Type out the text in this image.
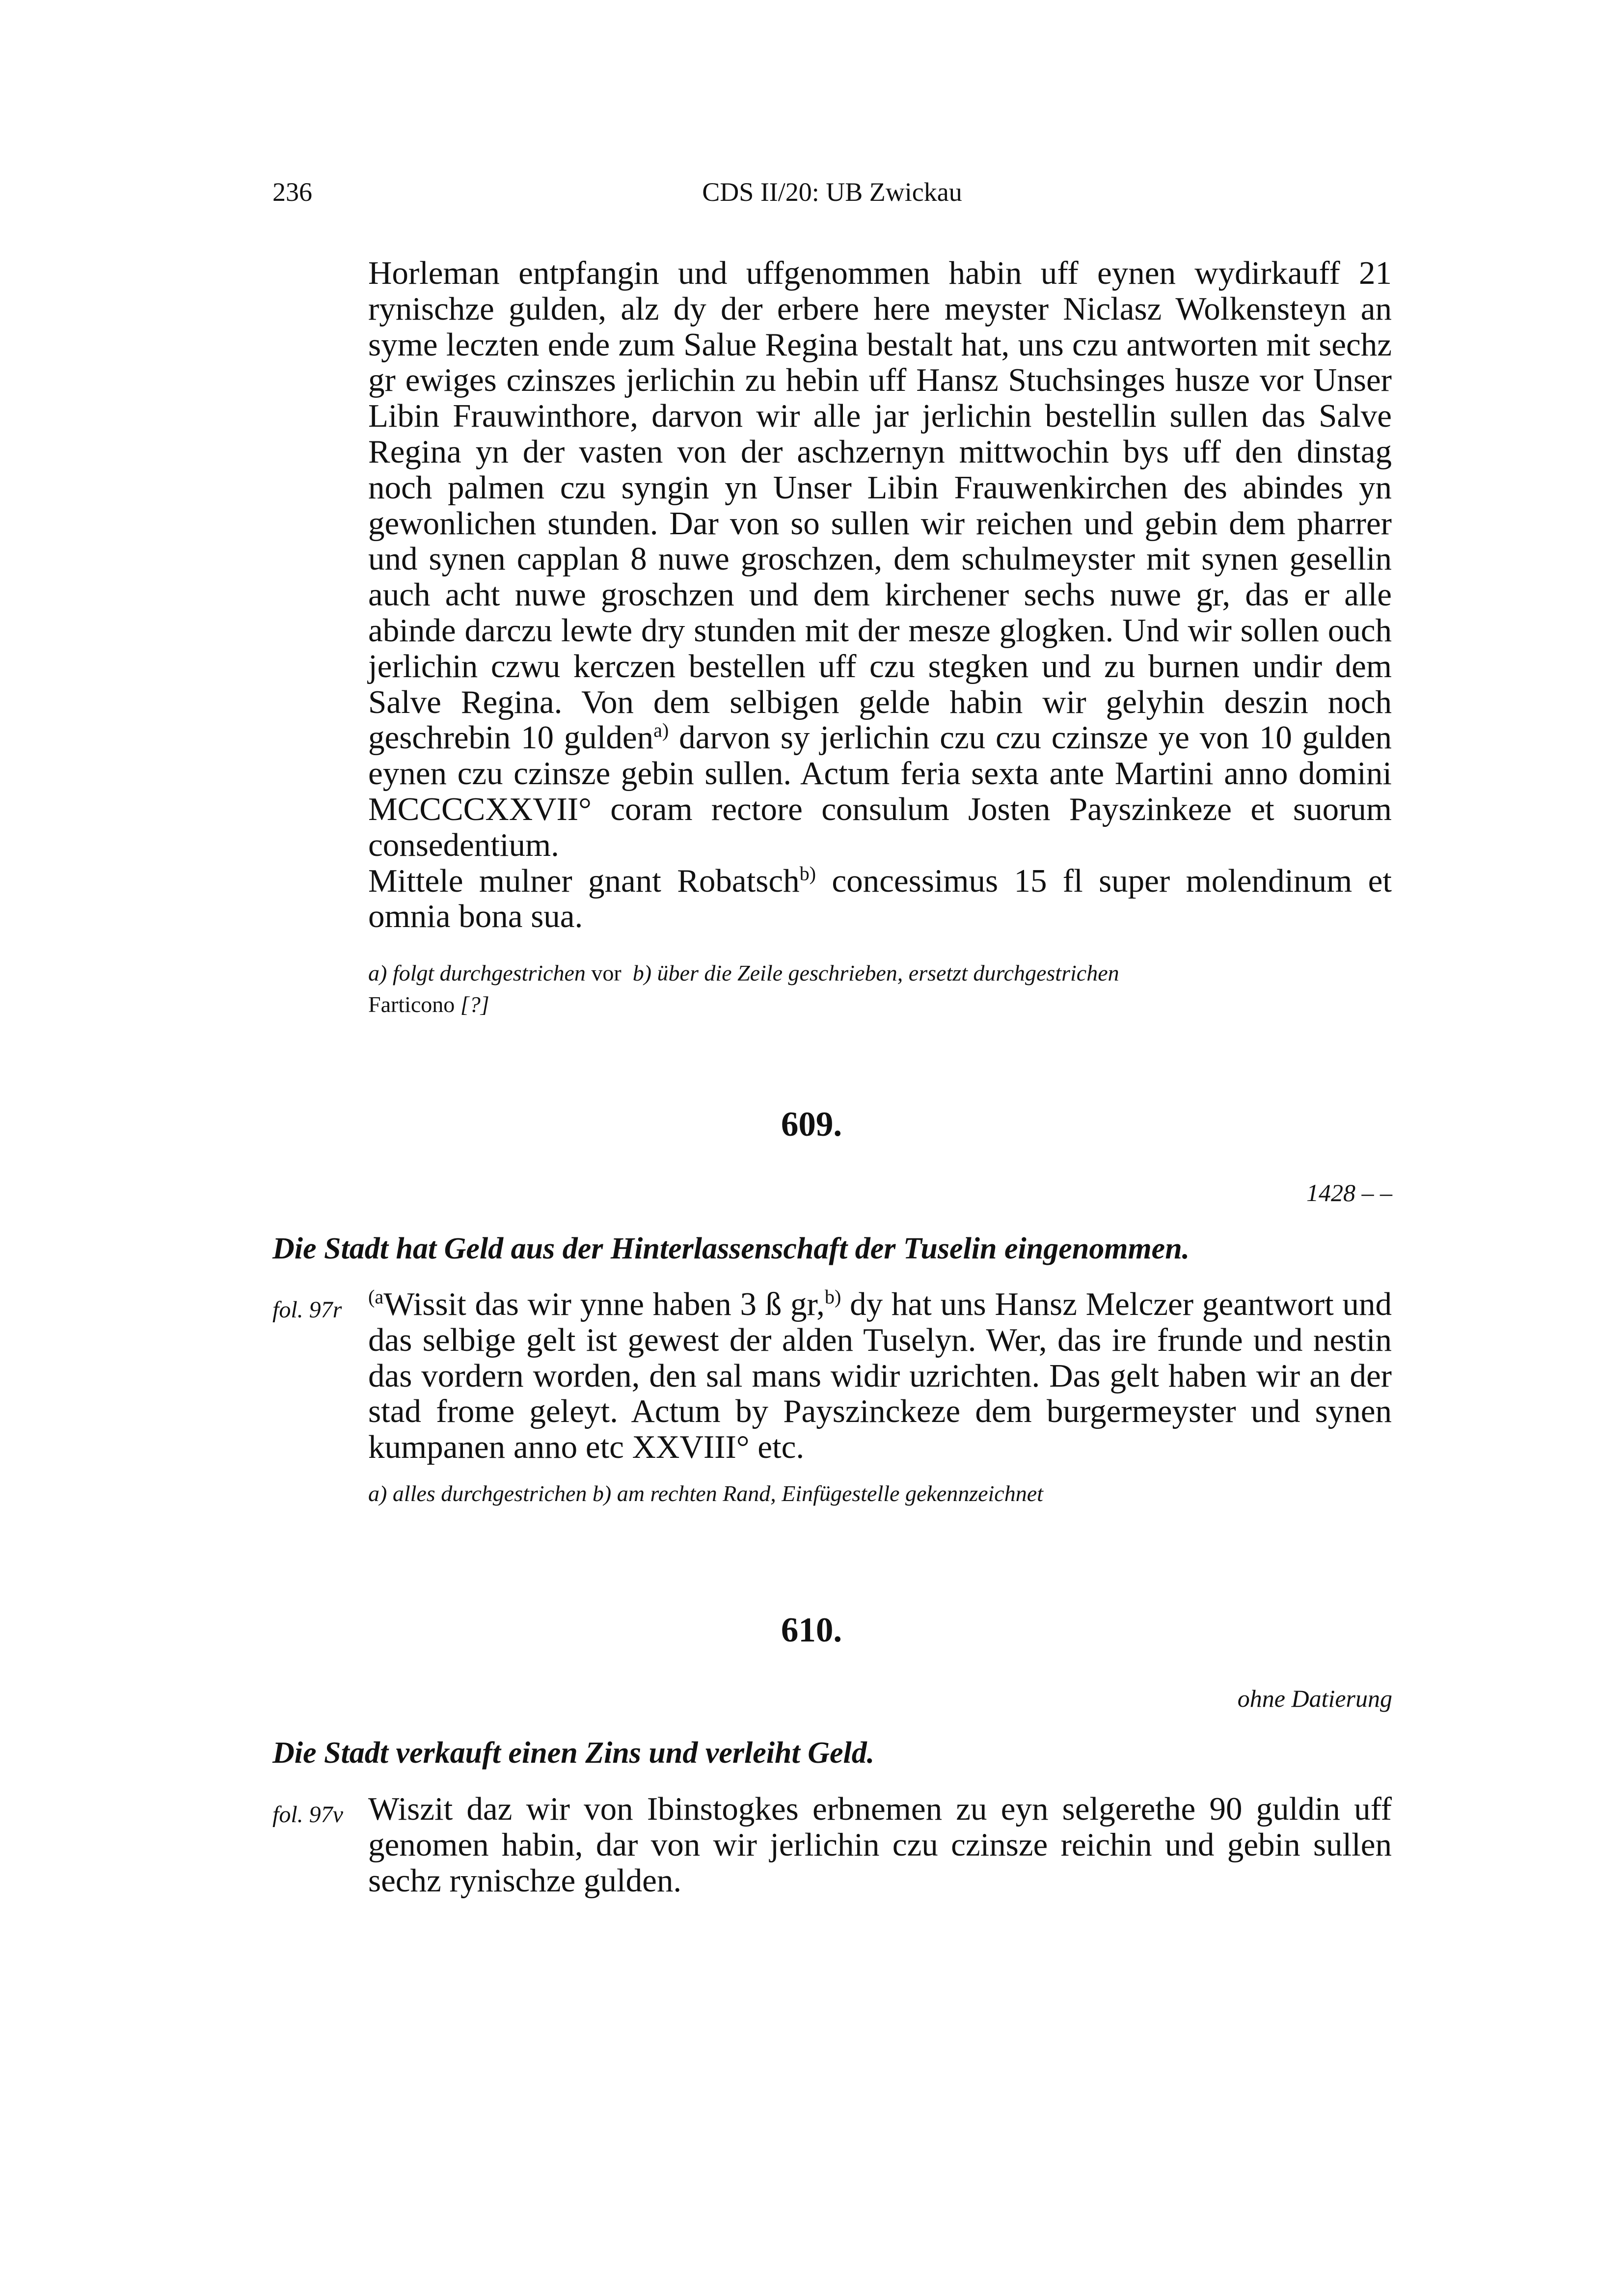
236	CDS II/20: UB Zwickau

Horleman entpfangin und uffgenommen habin uff eynen wydirkauff 21 rynischze gulden, alz dy der erbere here meyster Niclasz Wolkensteyn an syme leczten ende zum Salue Regina bestalt hat, uns czu antworten mit sechz gr ewiges czinszes jerlichin zu hebin uff Hansz Stuchsinges husze vor Unser Libin Frauwinthore, darvon wir alle jar jerlichin bestellin sullen das Salve Regina yn der vasten von der aschzernyn mittwochin bys uff den dinstag noch palmen czu syngin yn Unser Libin Frauwenkirchen des abindes yn gewonlichen stunden. Dar von so sullen wir reichen und gebin dem pharrer und synen capplan 8 nuwe groschzen, dem schulmeyster mit synen gesellin auch acht nuwe groschzen und dem kirchener sechs nuwe gr, das er alle abinde darczu lewte dry stunden mit der mesze glogken. Und wir sollen ouch jerlichin czwu kerczen bestellen uff czu stegken und zu burnen undir dem Salve Regina. Von dem selbigen gelde habin wir gelyhin deszin noch geschrebin 10 gulden$^{a)}$ darvon sy jerlichin czu czu czinsze ye von 10 gulden eynen czu czinsze gebin sullen. Actum feria sexta ante Martini anno domini MCCCCXXVII° coram rectore consulum Josten Payszinkeze et suorum consedentium.

Mittele mulner gnant Robatsch$^{b)}$ concessimus 15 fl super molendinum et omnia bona sua.

a) folgt durchgestrichen vor b) über die Zeile geschrieben, ersetzt durchgestrichen
Farticono [?]
609.
1428 – –
Die Stadt hat Geld aus der Hinterlassenschaft der Tuselin eingenommen.
fol. 97r $^{(a}$Wissit das wir ynne haben 3 ß gr,$^{b)}$ dy hat uns Hansz Melczer geantwort und das selbige gelt ist gewest der alden Tuselyn. Wer, das ire frunde und nestin das vordern worden, den sal mans widir uzrichten. Das gelt haben wir an der stad frome geleyt. Actum by Payszinckeze dem burgermeyster und synen kumpanen anno etc XXVIII° etc.

a) alles durchgestrichen b) am rechten Rand, Einfügestelle gekennzeichnet
610.
ohne Datierung
Die Stadt verkauft einen Zins und verleiht Geld.
fol. 97v Wiszit daz wir von Ibinstogkes erbnemen zu eyn selgerethe 90 guldin uff genomen habin, dar von wir jerlichin czu czinsze reichin und gebin sullen sechz rynischze gulden.
